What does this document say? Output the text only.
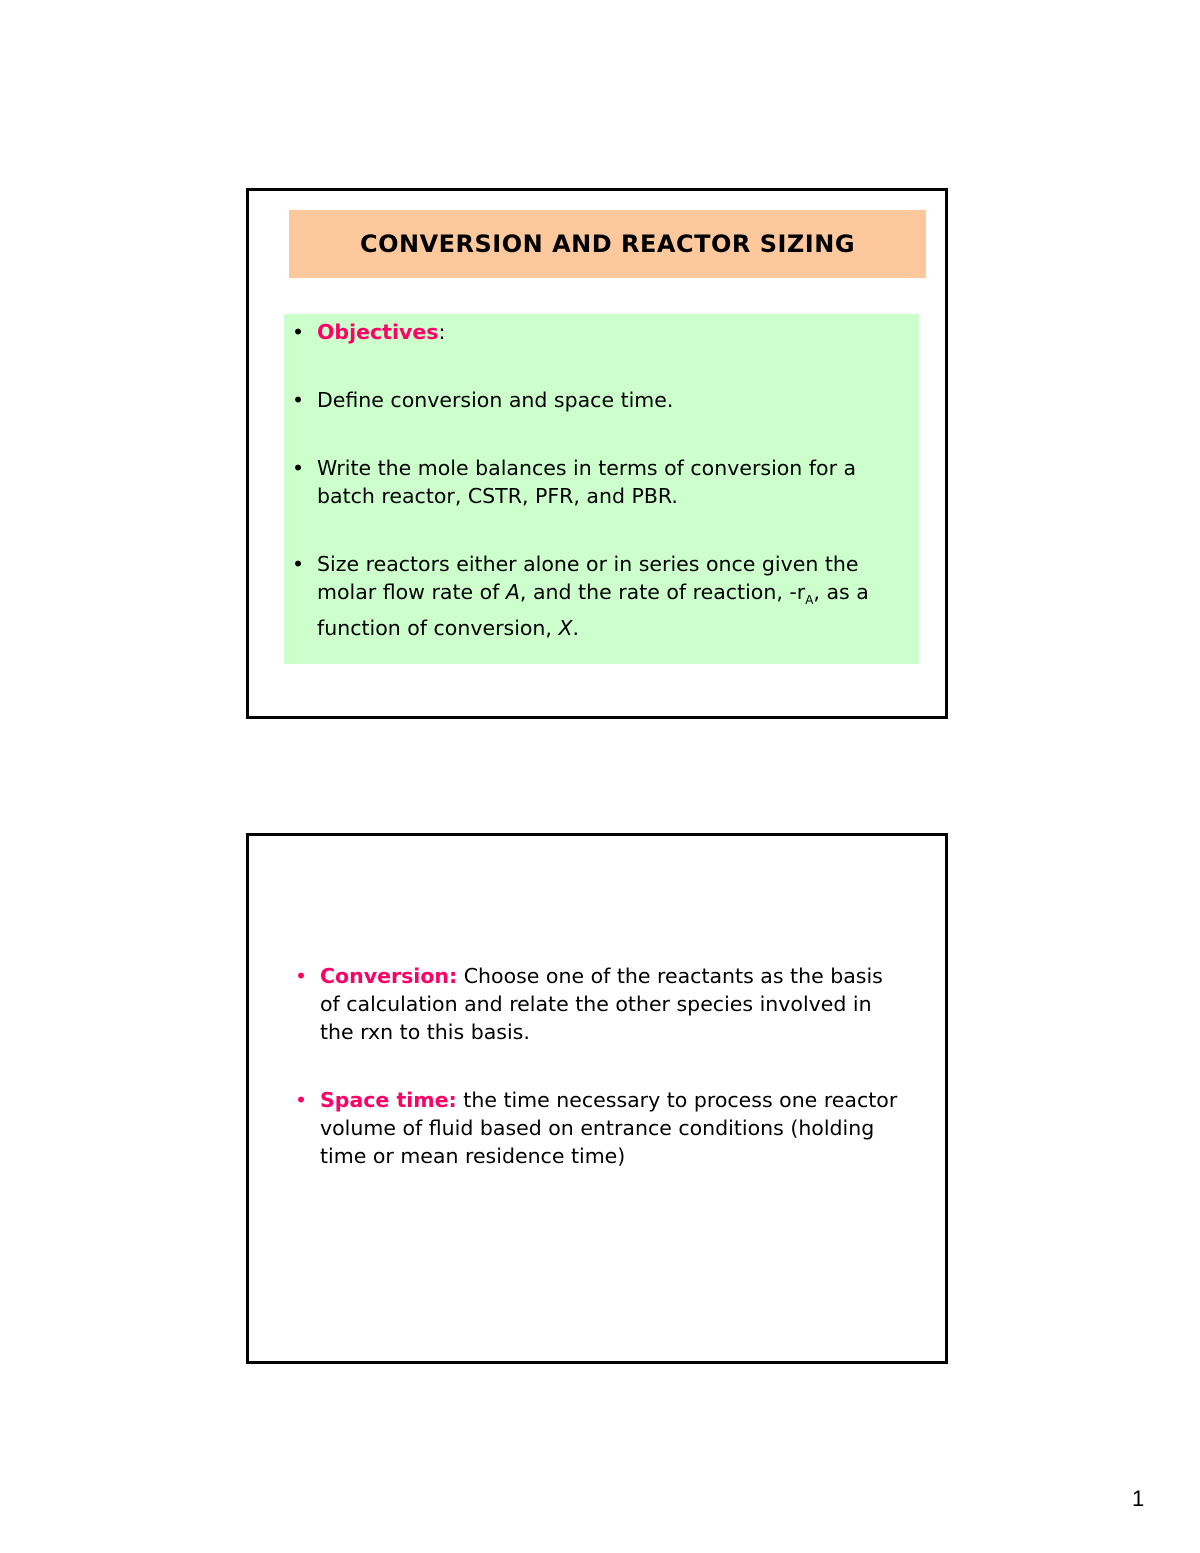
CONVERSION AND REACTOR SIZING
• Objectives:
• Define conversion and space time.
• Write the mole balances in terms of conversion for a batch reactor, CSTR, PFR, and PBR.
• Size reactors either alone or in series once given the molar flow rate of A, and the rate of reaction, $-r_A$, as a function of conversion, X.
• Conversion: Choose one of the reactants as the basis of calculation and relate the other species involved in the rxn to this basis.
• Space time: the time necessary to process one reactor volume of fluid based on entrance conditions (holding time or mean residence time)
1
